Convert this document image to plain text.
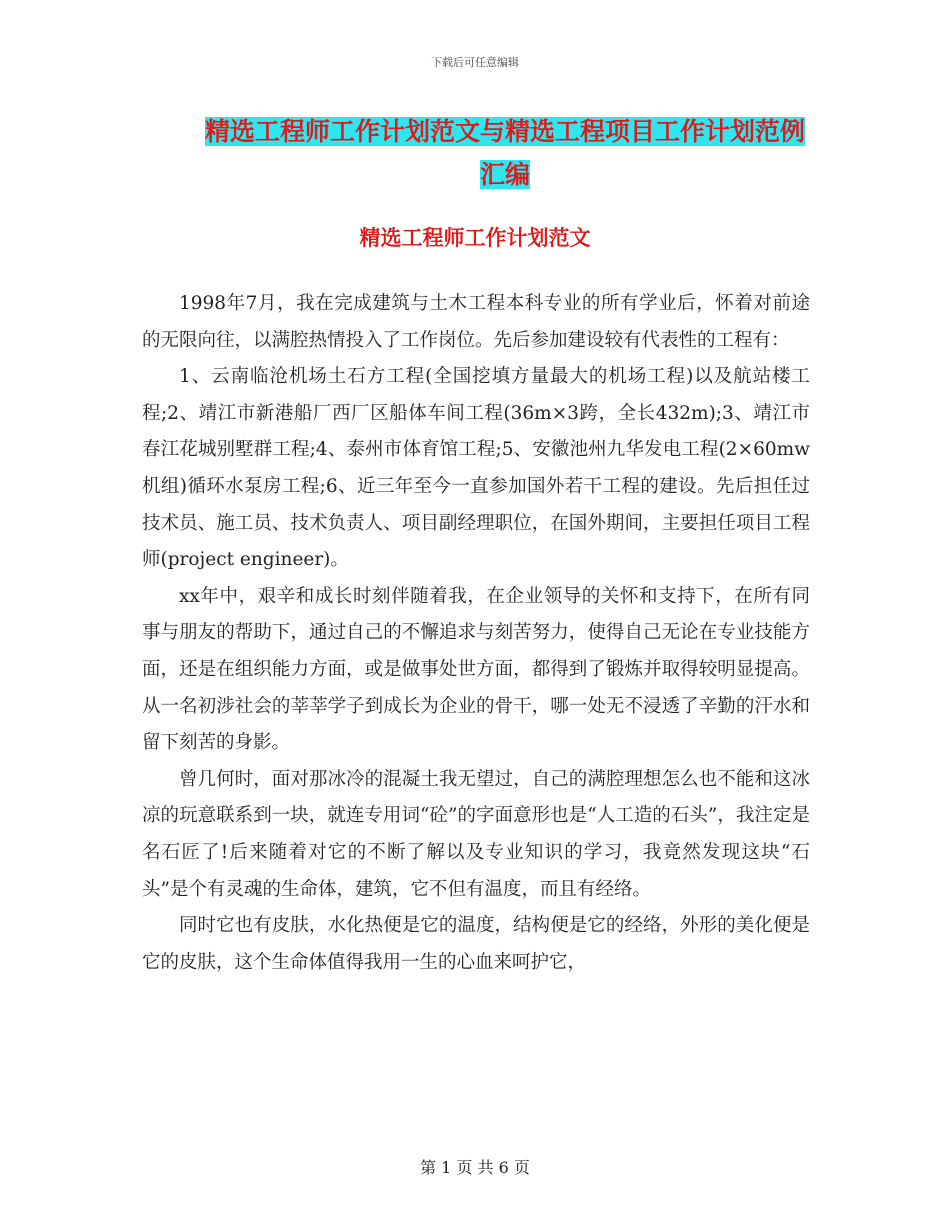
下载后可任意编辑
精选工程师工作计划范文与精选工程项目工作计划范例汇编
精选工程师工作计划范文

1998年7月，我在完成建筑与土木工程本科专业的所有学业后，怀着对前途的无限向往，以满腔热情投入了工作岗位。先后参加建设较有代表性的工程有：

1、云南临沧机场土石方工程(全国挖填方量最大的机场工程)以及航站楼工程;2、靖江市新港船厂西厂区船体车间工程(36m×3跨，全长432m);3、靖江市春江花城别墅群工程;4、泰州市体育馆工程;5、安徽池州九华发电工程(2×60mw机组)循环水泵房工程;6、近三年至今一直参加国外若干工程的建设。先后担任过技术员、施工员、技术负责人、项目副经理职位，在国外期间，主要担任项目工程师(project engineer)。

xx年中，艰辛和成长时刻伴随着我，在企业领导的关怀和支持下，在所有同事与朋友的帮助下，通过自己的不懈追求与刻苦努力，使得自己无论在专业技能方面，还是在组织能力方面，或是做事处世方面，都得到了锻炼并取得较明显提高。从一名初涉社会的莘莘学子到成长为企业的骨干，哪一处无不浸透了辛勤的汗水和留下刻苦的身影。

曾几何时，面对那冰冷的混凝土我无望过，自己的满腔理想怎么也不能和这冰凉的玩意联系到一块，就连专用词“砼”的字面意形也是“人工造的石头”，我注定是名石匠了!后来随着对它的不断了解以及专业知识的学习，我竟然发现这块“石头”是个有灵魂的生命体，建筑，它不但有温度，而且有经络。

同时它也有皮肤，水化热便是它的温度，结构便是它的经络，外形的美化便是它的皮肤，这个生命体值得我用一生的心血来呵护它，

第 1 页 共 6 页
